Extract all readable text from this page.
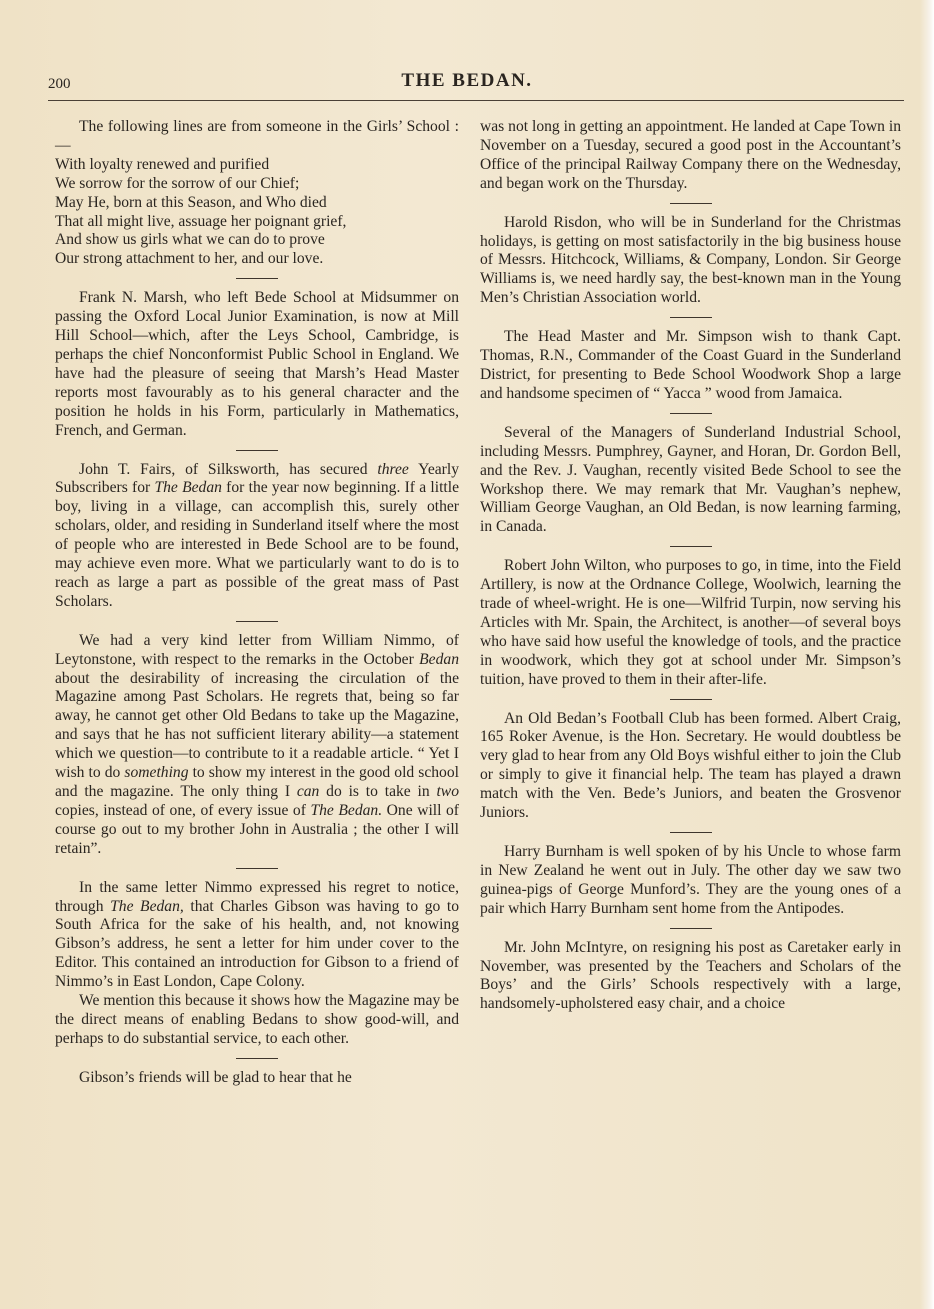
200	THE BEDAN.

The following lines are from someone in the Girls’ School :—

With loyalty renewed and purified
We sorrow for the sorrow of our Chief;
May He, born at this Season, and Who died
That all might live, assuage her poignant grief,
And show us girls what we can do to prove
Our strong attachment to her, and our love.

Frank N. Marsh, who left Bede School at Midsummer on passing the Oxford Local Junior Examination, is now at Mill Hill School—which, after the Leys School, Cambridge, is perhaps the chief Nonconformist Public School in England. We have had the pleasure of seeing that Marsh’s Head Master reports most favourably as to his general character and the position he holds in his Form, particularly in Mathematics, French, and German.

John T. Fairs, of Silksworth, has secured three Yearly Subscribers for The Bedan for the year now beginning. If a little boy, living in a village, can accomplish this, surely other scholars, older, and residing in Sunderland itself where the most of people who are interested in Bede School are to be found, may achieve even more. What we particularly want to do is to reach as large a part as possible of the great mass of Past Scholars.

We had a very kind letter from William Nimmo, of Leytonstone, with respect to the remarks in the October Bedan about the desirability of increasing the circulation of the Magazine among Past Scholars. He regrets that, being so far away, he cannot get other Old Bedans to take up the Magazine, and says that he has not sufficient literary ability—a statement which we question—to contribute to it a readable article. “ Yet I wish to do something to show my interest in the good old school and the magazine. The only thing I can do is to take in two copies, instead of one, of every issue of The Bedan. One will of course go out to my brother John in Australia ; the other I will retain”.

In the same letter Nimmo expressed his regret to notice, through The Bedan, that Charles Gibson was having to go to South Africa for the sake of his health, and, not knowing Gibson’s address, he sent a letter for him under cover to the Editor. This contained an introduction for Gibson to a friend of Nimmo’s in East London, Cape Colony.

We mention this because it shows how the Magazine may be the direct means of enabling Bedans to show good-will, and perhaps to do substantial service, to each other.

Gibson’s friends will be glad to hear that he

was not long in getting an appointment. He landed at Cape Town in November on a Tuesday, secured a good post in the Accountant’s Office of the principal Railway Company there on the Wednesday, and began work on the Thursday.

Harold Risdon, who will be in Sunderland for the Christmas holidays, is getting on most satisfactorily in the big business house of Messrs. Hitchcock, Williams, & Company, London. Sir George Williams is, we need hardly say, the best-known man in the Young Men’s Christian Association world.

The Head Master and Mr. Simpson wish to thank Capt. Thomas, R.N., Commander of the Coast Guard in the Sunderland District, for presenting to Bede School Woodwork Shop a large and handsome specimen of “ Yacca ” wood from Jamaica.

Several of the Managers of Sunderland Industrial School, including Messrs. Pumphrey, Gayner, and Horan, Dr. Gordon Bell, and the Rev. J. Vaughan, recently visited Bede School to see the Workshop there. We may remark that Mr. Vaughan’s nephew, William George Vaughan, an Old Bedan, is now learning farming, in Canada.

Robert John Wilton, who purposes to go, in time, into the Field Artillery, is now at the Ordnance College, Woolwich, learning the trade of wheel-wright. He is one—Wilfrid Turpin, now serving his Articles with Mr. Spain, the Architect, is another—of several boys who have said how useful the knowledge of tools, and the practice in woodwork, which they got at school under Mr. Simpson’s tuition, have proved to them in their after-life.

An Old Bedan’s Football Club has been formed. Albert Craig, 165 Roker Avenue, is the Hon. Secretary. He would doubtless be very glad to hear from any Old Boys wishful either to join the Club or simply to give it financial help. The team has played a drawn match with the Ven. Bede’s Juniors, and beaten the Grosvenor Juniors.

Harry Burnham is well spoken of by his Uncle to whose farm in New Zealand he went out in July. The other day we saw two guinea-pigs of George Munford’s. They are the young ones of a pair which Harry Burnham sent home from the Antipodes.

Mr. John McIntyre, on resigning his post as Caretaker early in November, was presented by the Teachers and Scholars of the Boys’ and the Girls’ Schools respectively with a large, handsomely-upholstered easy chair, and a choice
